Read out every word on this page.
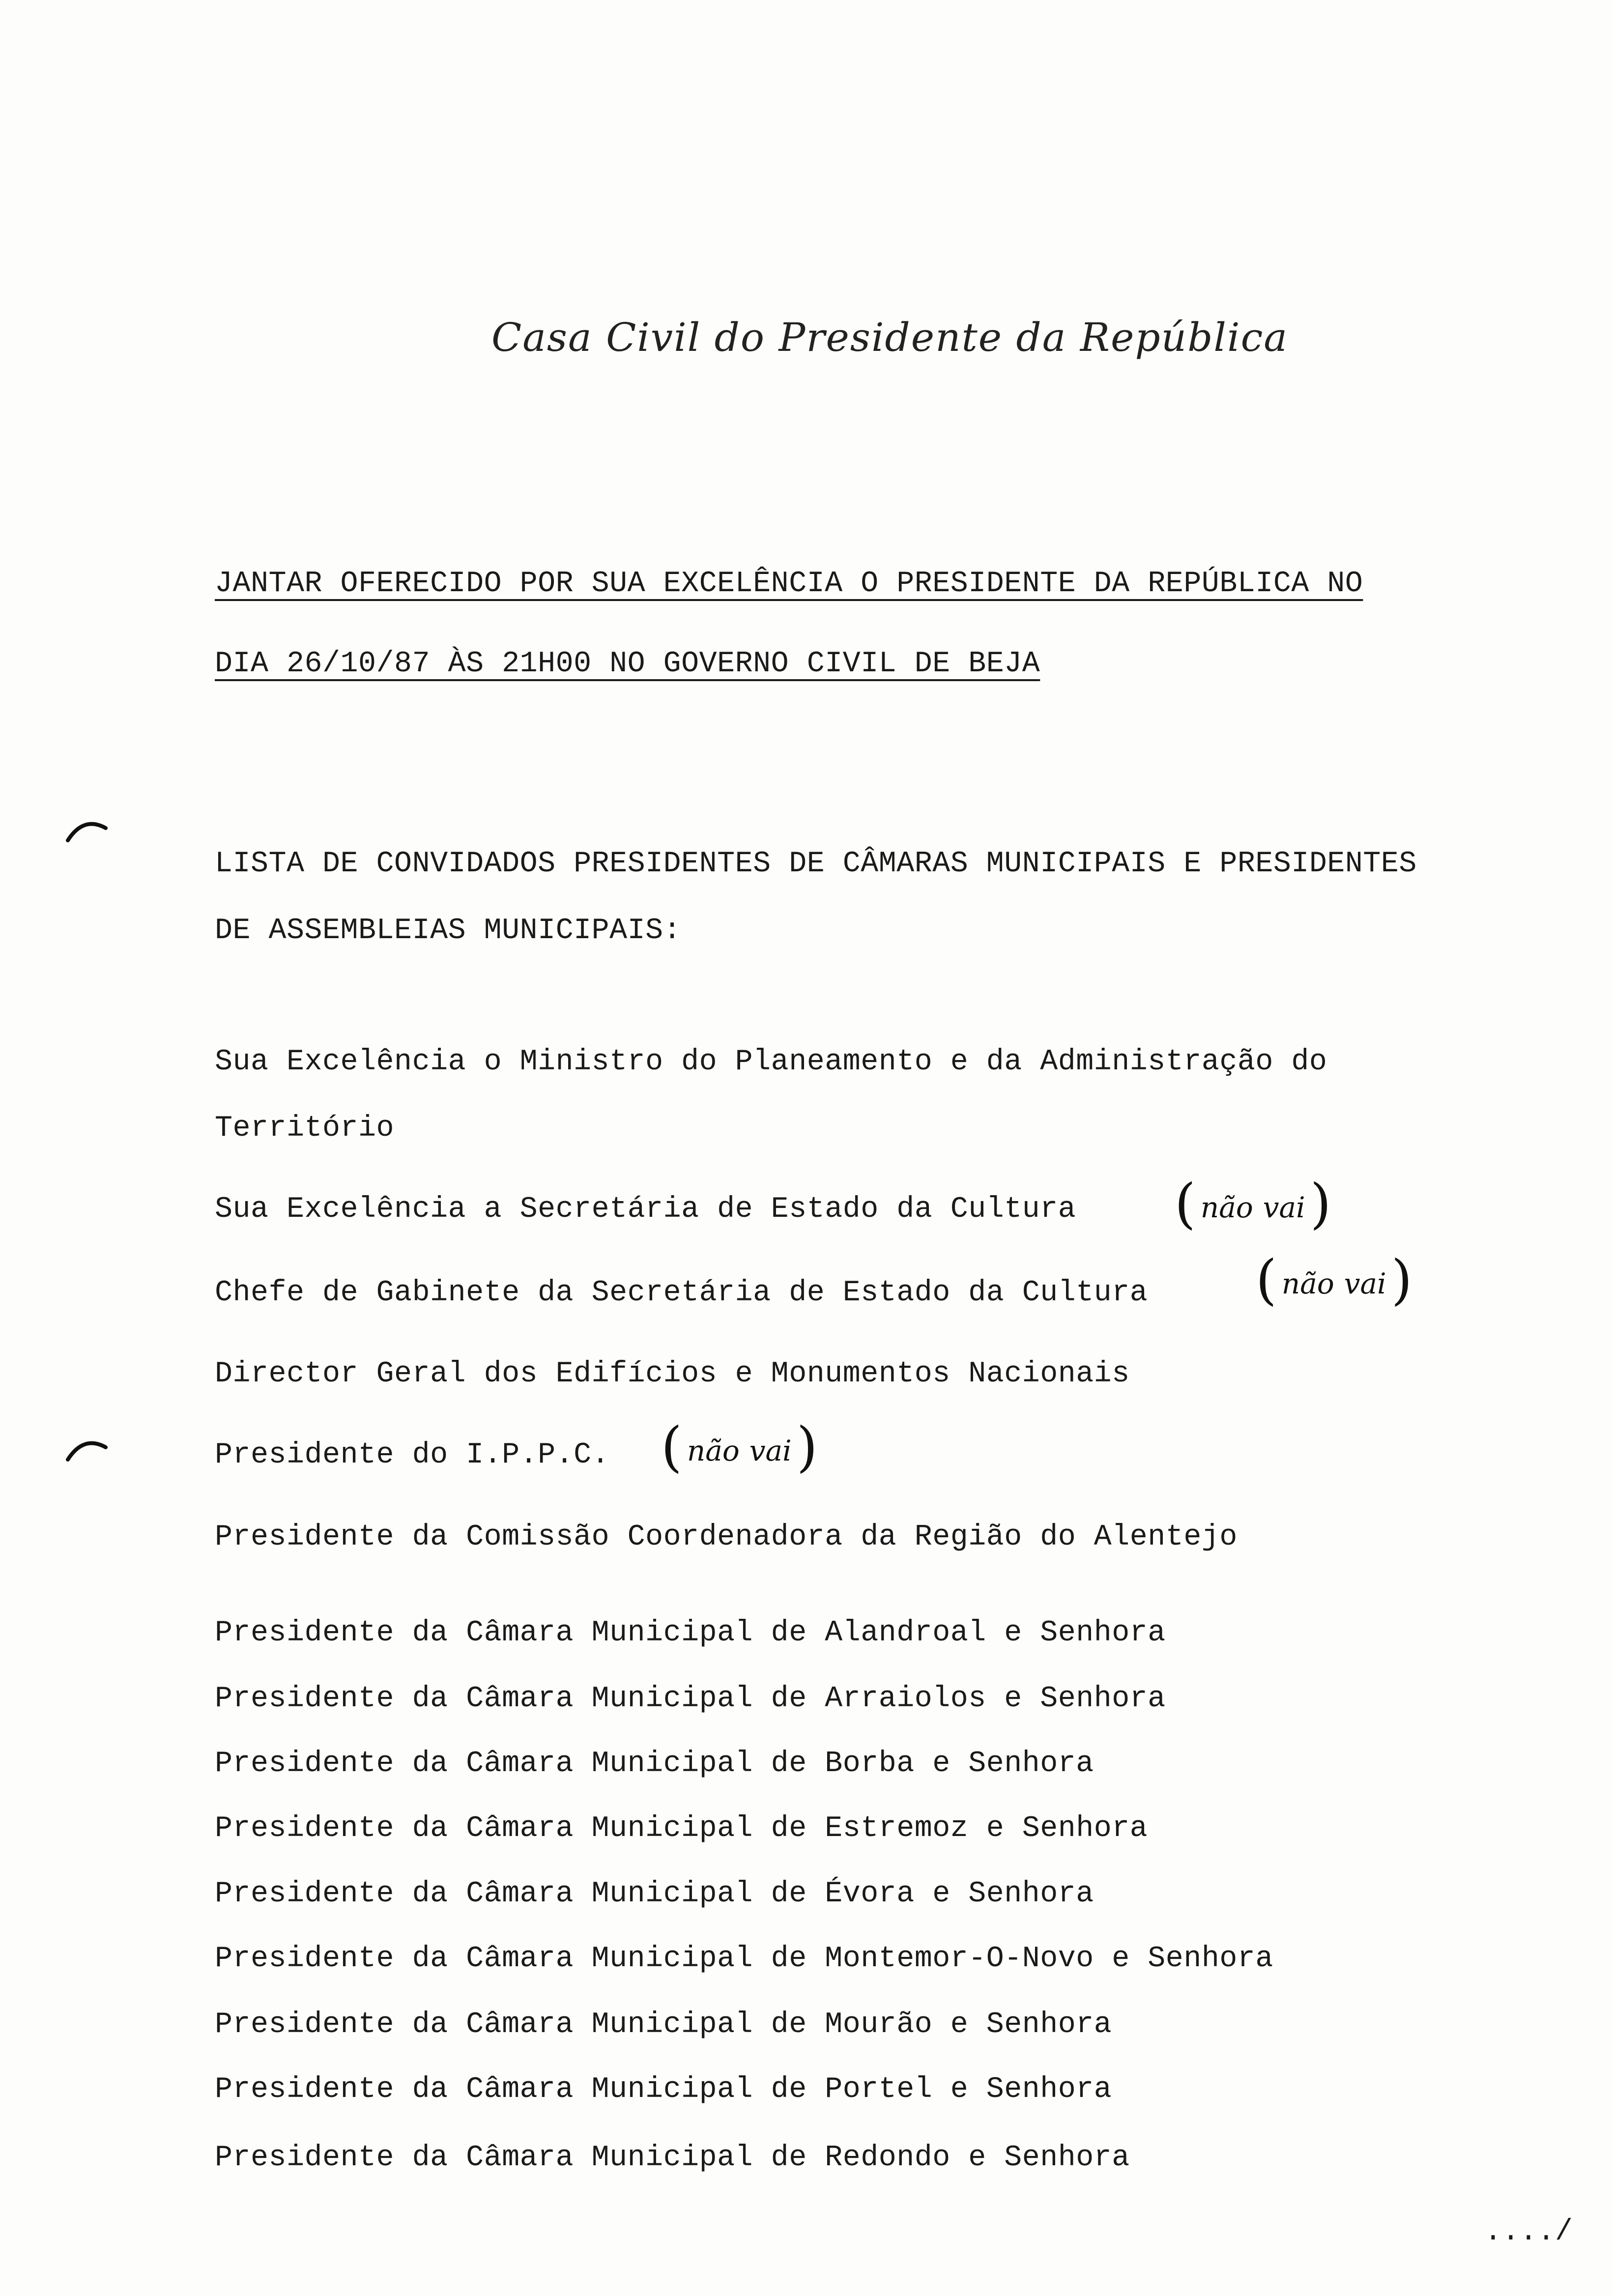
Casa Civil do Presidente da República
JANTAR OFERECIDO POR SUA EXCELÊNCIA O PRESIDENTE DA REPÚBLICA NO
DIA 26/10/87 ÀS 21H00 NO GOVERNO CIVIL DE BEJA
LISTA DE CONVIDADOS PRESIDENTES DE CÂMARAS MUNICIPAIS E PRESIDENTES
DE ASSEMBLEIAS MUNICIPAIS:
Sua Excelência o Ministro do Planeamento e da Administração do
Território
Sua Excelência a Secretária de Estado da Cultura ( não vai)
Chefe de Gabinete da Secretária de Estado da Cultura ( não vai)
Director Geral dos Edifícios e Monumentos Nacionais
Presidente do I.P.P.C. ( não vai)
Presidente da Comissão Coordenadora da Região do Alentejo
Presidente da Câmara Municipal de Alandroal e Senhora
Presidente da Câmara Municipal de Arraiolos e Senhora
Presidente da Câmara Municipal de Borba e Senhora
Presidente da Câmara Municipal de Estremoz e Senhora
Presidente da Câmara Municipal de Évora e Senhora
Presidente da Câmara Municipal de Montemor-O-Novo e Senhora
Presidente da Câmara Municipal de Mourão e Senhora
Presidente da Câmara Municipal de Portel e Senhora
Presidente da Câmara Municipal de Redondo e Senhora
..../
